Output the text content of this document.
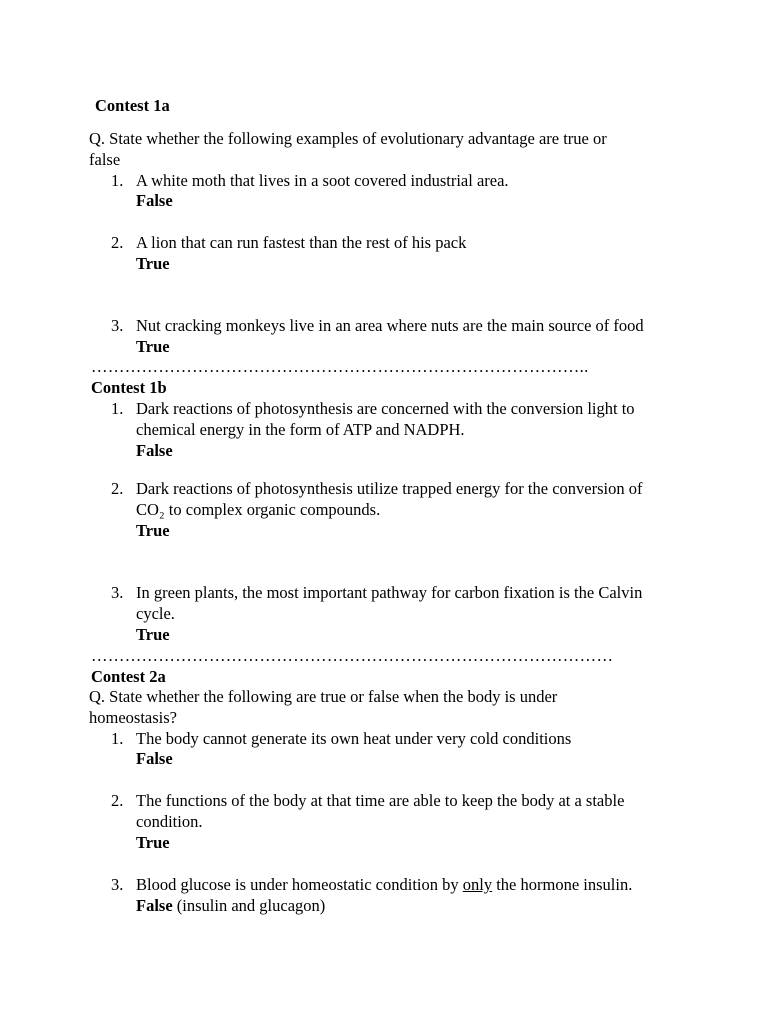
Contest 1a
Q. State whether the following examples of evolutionary advantage are true or
false
1. A white moth that lives in a soot covered industrial area.
False
2. A lion that can run fastest than the rest of his pack
True
3. Nut cracking monkeys live in an area where nuts are the main source of food
True
……………………………………………………………………………..
Contest 1b
1. Dark reactions of photosynthesis are concerned with the conversion light to
chemical energy in the form of ATP and NADPH.
False
2. Dark reactions of photosynthesis utilize trapped energy for the conversion of
CO₂ to complex organic compounds.
True
3. In green plants, the most important pathway for carbon fixation is the Calvin
cycle.
True
…………………………………………………………………………………
Contest 2a
Q. State whether the following are true or false when the body is under
homeostasis?
1. The body cannot generate its own heat under very cold conditions
False
2. The functions of the body at that time are able to keep the body at a stable
condition.
True
3. Blood glucose is under homeostatic condition by only the hormone insulin.
False (insulin and glucagon)
